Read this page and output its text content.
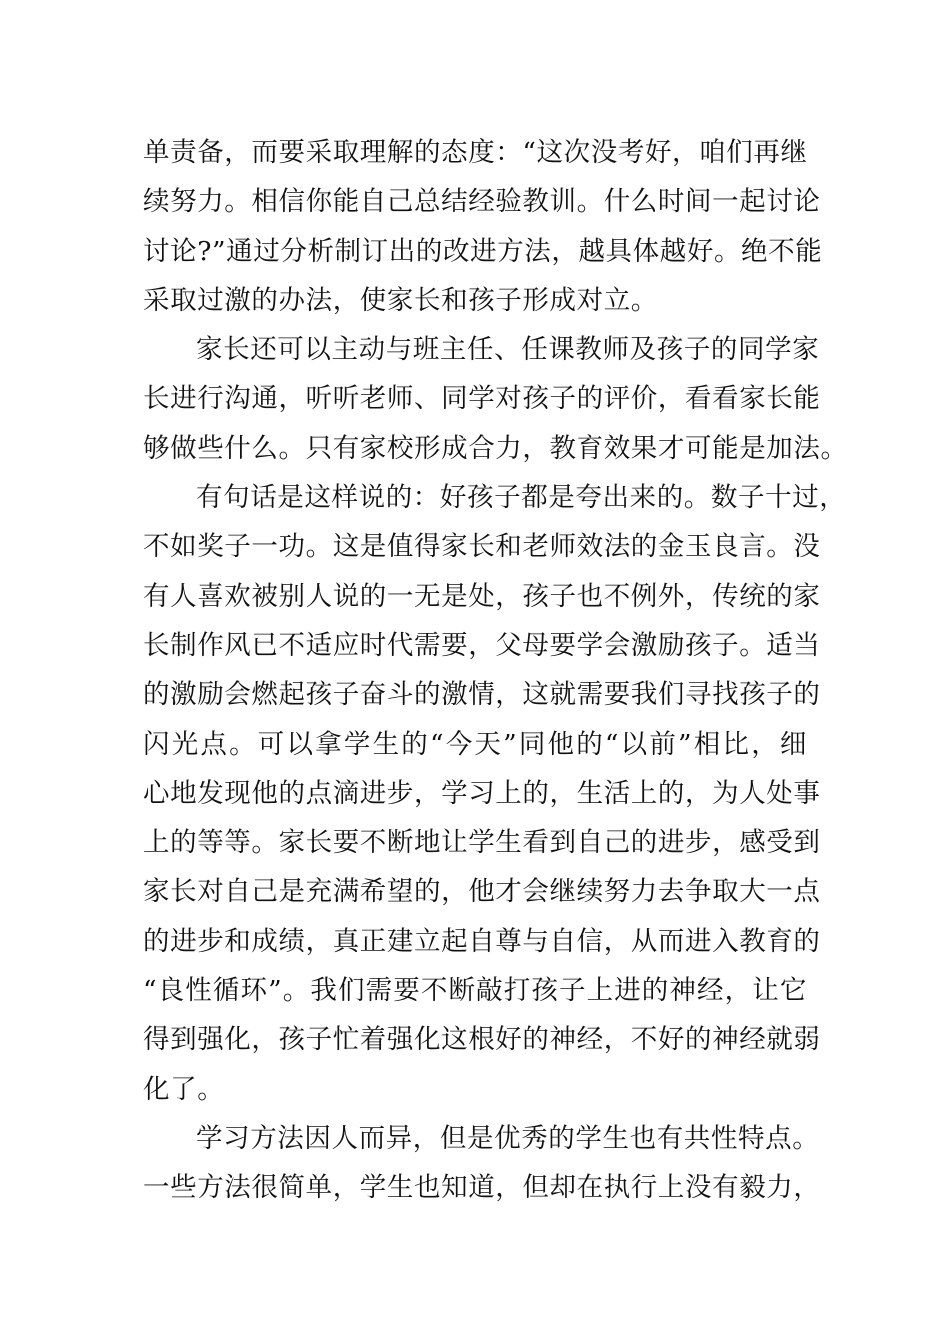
单责备，而要采取理解的态度：“这次没考好，咱们再继
续努力。相信你能自己总结经验教训。什么时间一起讨论
讨论?”通过分析制订出的改进方法，越具体越好。绝不能
采取过激的办法，使家长和孩子形成对立。
家长还可以主动与班主任、任课教师及孩子的同学家
长进行沟通，听听老师、同学对孩子的评价，看看家长能
够做些什么。只有家校形成合力，教育效果才可能是加法。
有句话是这样说的：好孩子都是夸出来的。数子十过，
不如奖子一功。这是值得家长和老师效法的金玉良言。没
有人喜欢被别人说的一无是处，孩子也不例外，传统的家
长制作风已不适应时代需要，父母要学会激励孩子。适当
的激励会燃起孩子奋斗的激情，这就需要我们寻找孩子的
闪光点。可以拿学生的“今天”同他的“以前”相比，细
心地发现他的点滴进步，学习上的，生活上的，为人处事
上的等等。家长要不断地让学生看到自己的进步，感受到
家长对自己是充满希望的，他才会继续努力去争取大一点
的进步和成绩，真正建立起自尊与自信，从而进入教育的
“良性循环”。我们需要不断敲打孩子上进的神经，让它
得到强化，孩子忙着强化这根好的神经，不好的神经就弱
化了。
学习方法因人而异，但是优秀的学生也有共性特点。
一些方法很简单，学生也知道，但却在执行上没有毅力，
